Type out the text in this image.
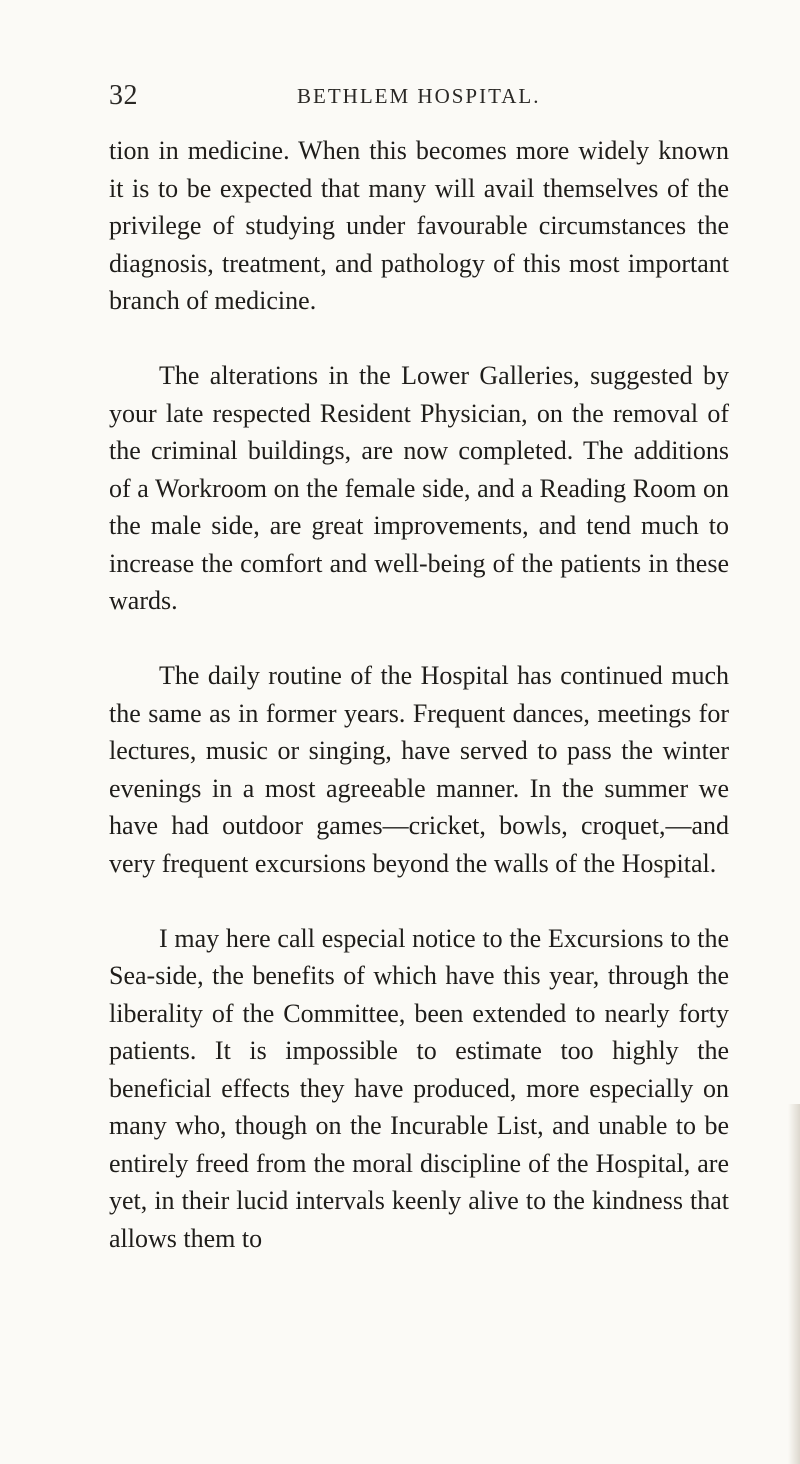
32	BETHLEM HOSPITAL.

tion in medicine. When this becomes more widely known it is to be expected that many will avail themselves of the privilege of studying under favourable circumstances the diagnosis, treatment, and pathology of this most important branch of medicine.

The alterations in the Lower Galleries, suggested by your late respected Resident Physician, on the removal of the criminal buildings, are now completed. The additions of a Workroom on the female side, and a Reading Room on the male side, are great improvements, and tend much to increase the comfort and well-being of the patients in these wards.

The daily routine of the Hospital has continued much the same as in former years. Frequent dances, meetings for lectures, music or singing, have served to pass the winter evenings in a most agreeable manner. In the summer we have had outdoor games—cricket, bowls, croquet,—and very frequent excursions beyond the walls of the Hospital.

I may here call especial notice to the Excursions to the Sea-side, the benefits of which have this year, through the liberality of the Committee, been extended to nearly forty patients. It is impossible to estimate too highly the beneficial effects they have produced, more especially on many who, though on the Incurable List, and unable to be entirely freed from the moral discipline of the Hospital, are yet, in their lucid intervals keenly alive to the kindness that allows them to
